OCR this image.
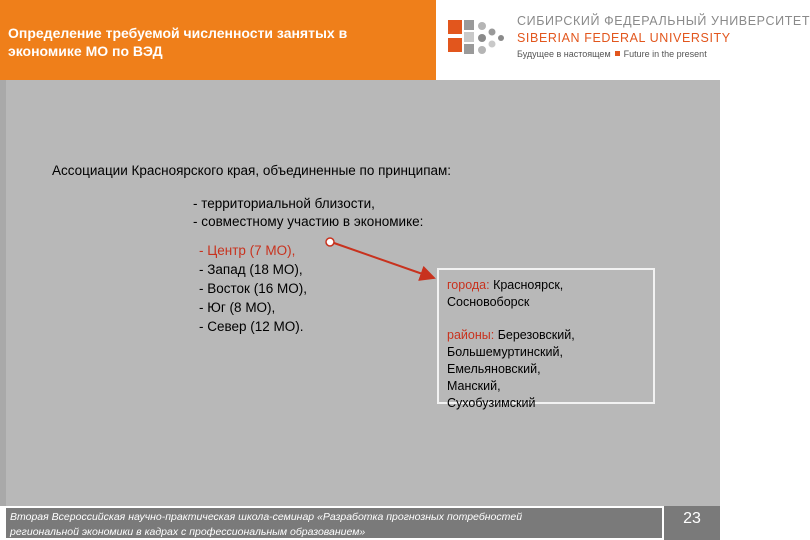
Определение требуемой численности занятых в
экономике МО по ВЭД
СИБИРСКИЙ ФЕДЕРАЛЬНЫЙ УНИВЕРСИТЕТ
SIBERIAN FEDERAL UNIVERSITY
Будущее в настоящем Future in the present
Ассоциации Красноярского края, объединенные по принципам:
- территориальной близости,
- совместному участию в экономике:
- Центр (7 МО),
- Запад (18 МО),
- Восток (16 МО),
- Юг (8 МО),
- Север (12 МО).
города: Красноярск,
Сосновоборск
районы: Березовский,
Большемуртинский,
Емельяновский,
Манский,
Сухобузимский
Вторая Всероссийская научно-практическая школа-семинар «Разработка прогнозных потребностей
региональной экономики в кадрах с профессиональным образованием»
23
